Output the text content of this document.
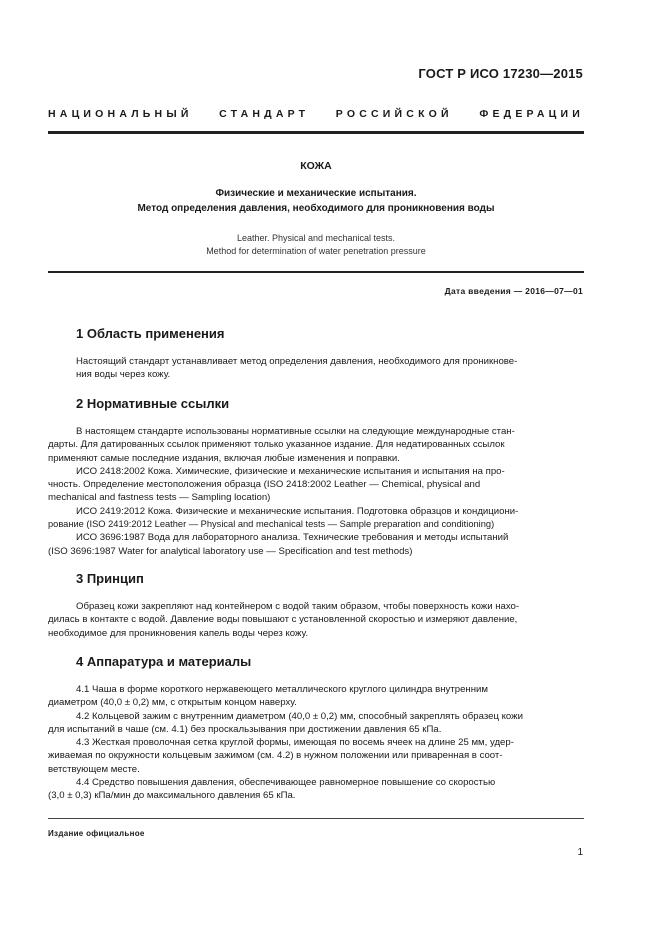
ГОСТ Р ИСО 17230—2015
НАЦИОНАЛЬНЫЙ	СТАНДАРТ	РОССИЙСКОЙ	ФЕДЕРАЦИИ
КОЖА
Физические и механические испытания.
Метод определения давления, необходимого для проникновения воды
Leather. Physical and mechanical tests.
Method for determination of water penetration pressure
Дата введения — 2016—07—01
1 Область применения

Настоящий стандарт устанавливает метод определения давления, необходимого для проникнове-

ния воды через кожу.

2 Нормативные ссылки

В настоящем стандарте использованы нормативные ссылки на следующие международные стан-

дарты. Для датированных ссылок применяют только указанное издание. Для недатированных ссылок

применяют самые последние издания, включая любые изменения и поправки.

ИСО 2418:2002 Кожа. Химические, физические и механические испытания и испытания на про-

чность. Определение местоположения образца (ISO 2418:2002 Leather — Chemical, physical and

mechanical and fastness tests — Sampling location)

ИСО 2419:2012 Кожа. Физические и механические испытания. Подготовка образцов и кондициони-

рование (ISO 2419:2012 Leather — Physical and mechanical tests — Sample preparation and conditioning)

ИСО 3696:1987 Вода для лабораторного анализа. Технические требования и методы испытаний

(ISO 3696:1987 Water for analytical laboratory use — Specification and test methods)

3 Принцип

Образец кожи закрепляют над контейнером с водой таким образом, чтобы поверхность кожи нахо-

дилась в контакте с водой. Давление воды повышают с установленной скоростью и измеряют давление,

необходимое для проникновения капель воды через кожу.

4 Аппаратура и материалы

4.1 Чаша в форме короткого нержавеющего металлического круглого цилиндра внутренним

диаметром (40,0 ± 0,2) мм, с открытым концом наверху.

4.2 Кольцевой зажим с внутренним диаметром (40,0 ± 0,2) мм, способный закреплять образец кожи

для испытаний в чаше (см. 4.1) без проскальзывания при достижении давления 65 кПа.

4.3 Жесткая проволочная сетка круглой формы, имеющая по восемь ячеек на длине 25 мм, удер-

живаемая по окружности кольцевым зажимом (см. 4.2) в нужном положении или приваренная в соот-

ветствующем месте.

4.4 Средство повышения давления, обеспечивающее равномерное повышение со скоростью

(3,0 ± 0,3) кПа/мин до максимального давления 65 кПа.

Издание официальное
1
